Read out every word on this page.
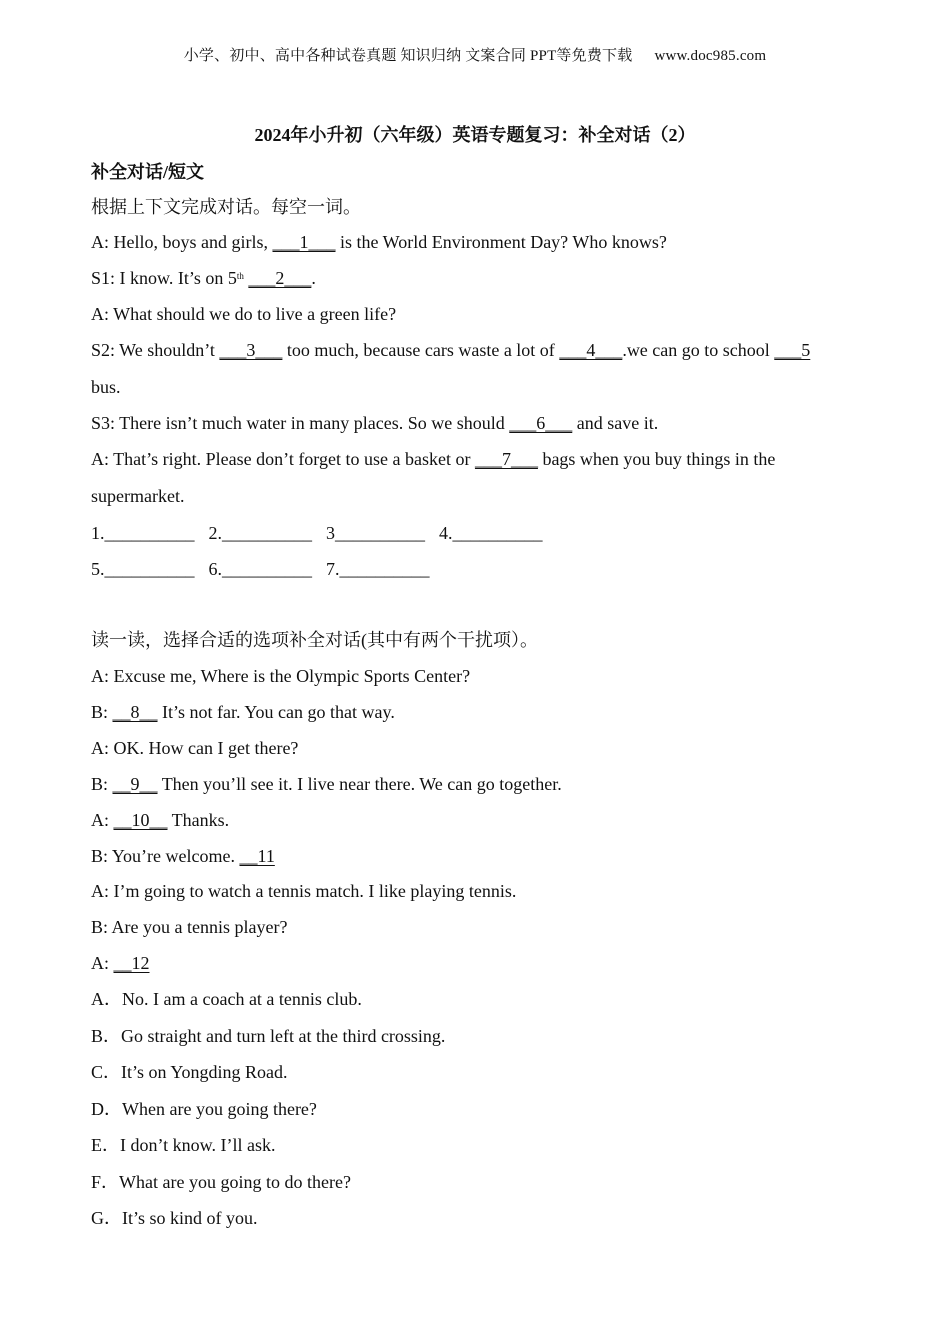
小学、初中、高中各种试卷真题 知识归纳 文案合同 PPT等免费下载 www.doc985.com
2024年小升初（六年级）英语专题复习：补全对话（2）
补全对话/短文
根据上下文完成对话。每空一词。
A: Hello, boys and girls, ___1___ is the World Environment Day? Who knows?
S1: I know. It’s on 5th ___2___.
A: What should we do to live a green life?
S2: We shouldn’t ___3___ too much, because cars waste a lot of ___4___.we can go to school ___5
bus.
S3: There isn’t much water in many places. So we should ___6___ and save it.
A: That’s right. Please don’t forget to use a basket or ___7___ bags when you buy things in the
supermarket.
1.__________ 2.__________ 3__________ 4.__________
5.__________ 6.__________ 7.__________
读一读，选择合适的选项补全对话(其中有两个干扰项）。
A: Excuse me, Where is the Olympic Sports Center?
B: __8__ It’s not far. You can go that way.
A: OK. How can I get there?
B: __9__ Then you’ll see it. I live near there. We can go together.
A: __10__ Thanks.
B: You’re welcome. __11
A: I’m going to watch a tennis match. I like playing tennis.
B: Are you a tennis player?
A: __12
A．No. I am a coach at a tennis club.
B．Go straight and turn left at the third crossing.
C．It’s on Yongding Road.
D．When are you going there?
E．I don’t know. I’ll ask.
F．What are you going to do there?
G．It’s so kind of you.
